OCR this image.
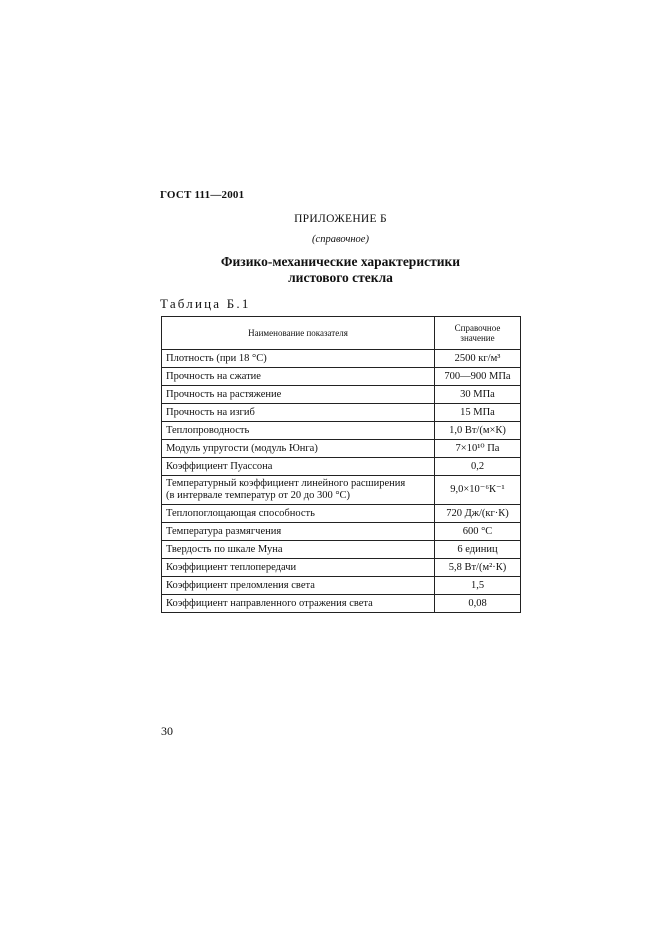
ГОСТ 111—2001
ПРИЛОЖЕНИЕ Б
(справочное)
Физико-механические характеристики
листового стекла
Таблица Б.1
Наименование показателя	Справочное
значение
Плотность (при 18 °С)	2500 кг/м³
Прочность на сжатие	700—900 МПа
Прочность на растяжение	30 МПа
Прочность на изгиб	15 МПа
Теплопроводность	1,0 Вт/(м×К)
Модуль упругости (модуль Юнга)	7×10¹⁰ Па
Коэффициент Пуассона	0,2

Температурный коэффициент линейного расширения
(в интервале температур от 20 до 300 °С)	9,0×10⁻⁶К⁻¹
Теплопоглощающая способность	720 Дж/(кг·К)
Температура размягчения	600 °С
Твердость по шкале Муна	6 единиц
Коэффициент теплопередачи	5,8 Вт/(м²·К)
Коэффициент преломления света	1,5
Коэффициент направленного отражения света	0,08
30
